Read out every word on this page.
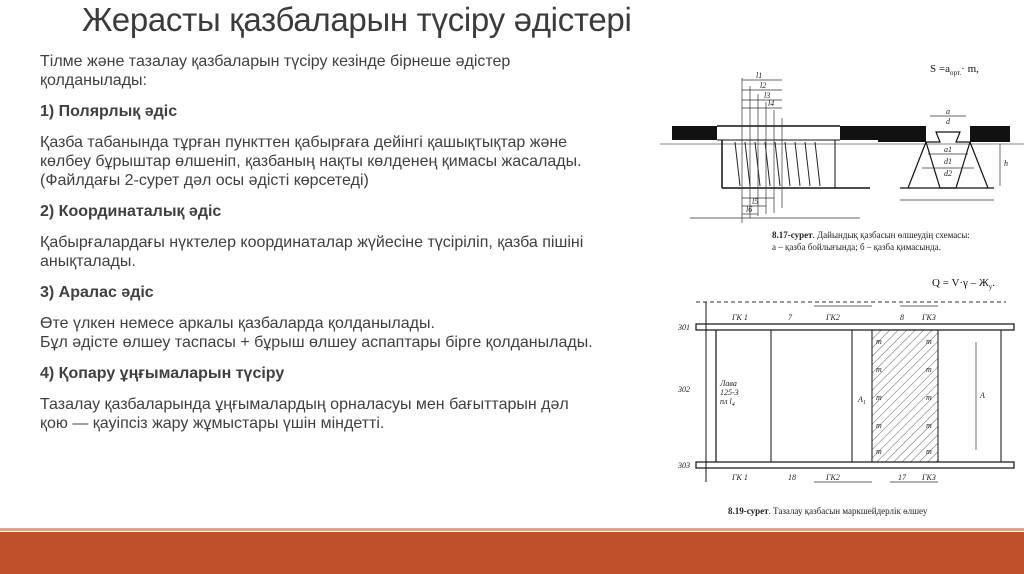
Жерасты қазбаларын түсіру әдістері

Тілме және тазалау қазбаларын түсіру кезінде бірнеше әдістер қолданылады:

1) Полярлық әдіс

Қазба табанында тұрған пункттен қабырғаға дейінгі қашықтықтар және көлбеу бұрыштар өлшеніп, қазбаның нақты көлденең қимасы жасалады.
(Файлдағы 2-сурет дәл осы әдісті көрсетеді)

2) Координаталық әдіс

Қабырғалардағы нүктелер координаталар жүйесіне түсіріліп, қазба пішіні анықталады.

3) Аралас әдіс

Өте үлкен немесе аркалы қазбаларда қолданылады.
Бұл әдісте өлшеу таспасы + бұрыш өлшеу аспаптары бірге қолданылады.

4) Қопару ұңғымаларын түсіру

Тазалау қазбаларында ұңғымалардың орналасуы мен бағыттарын дәл қою — қауіпсіз жару жұмыстары үшін міндетті.

$S =a_{орт.}\cdot m$,
l1
l2
l3
l4
l5
l6
a
d
a1
d1
d2
h
8.17-сурет. Дайындық қазбасын өлшеудің схемасы:
а – қазба бойлығында; б – қазба қимасында.
$Q = V\cdot\gamma - Ж_у$.
301
302
303
ГК 1	7	ГК2	8 ГК3
ГК 1	18	ГК2	17 ГК3
Лава
125-3
пл $l_4$
m
m
m
m
m
m
m
m
m
m
$A_1$
A
8.19-сурет. Тазалау қазбасын маркшейдерлік өлшеу
